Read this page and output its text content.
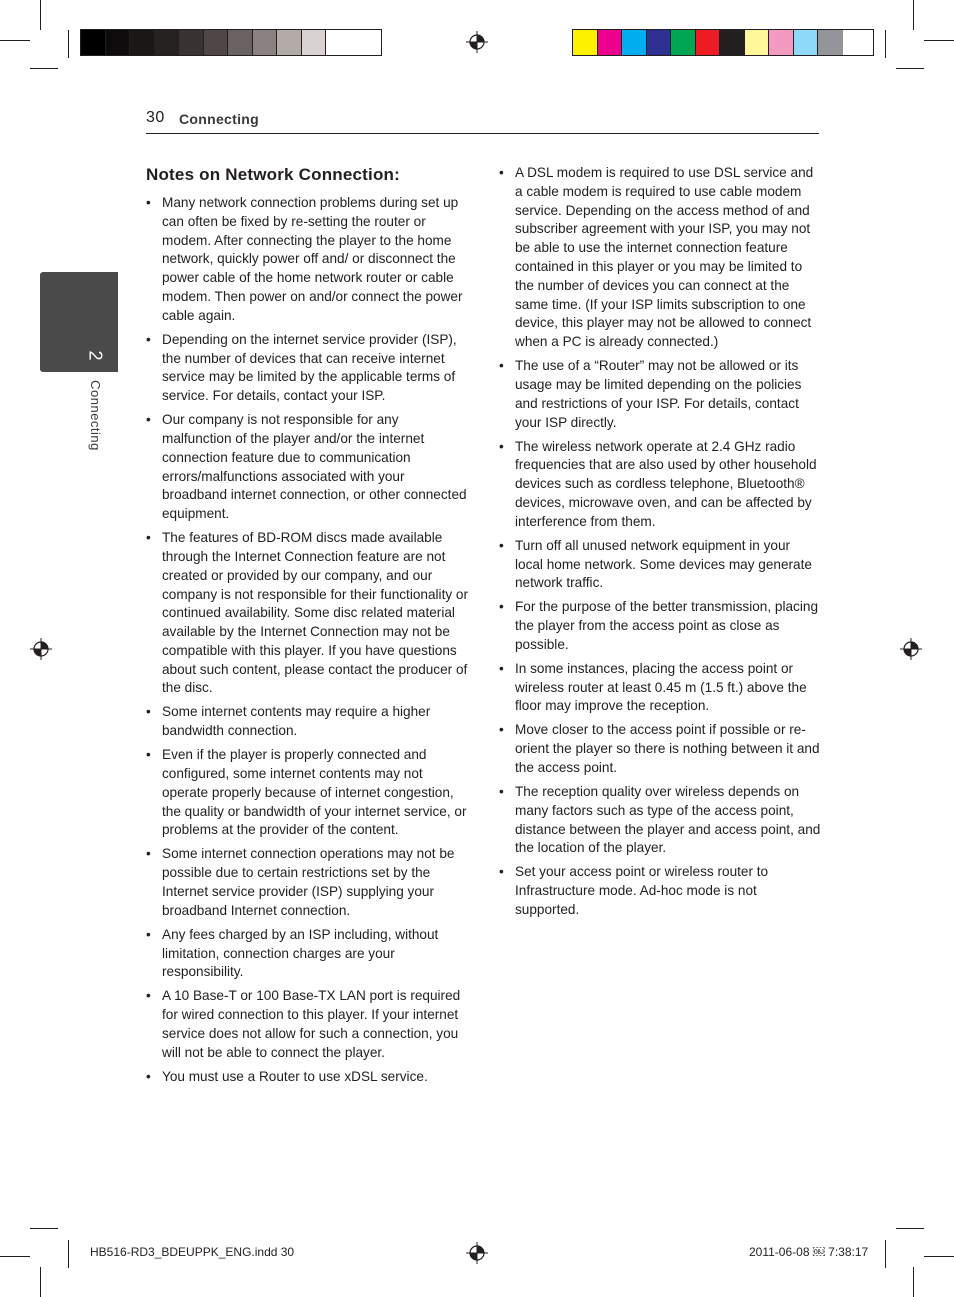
30 Connecting
2
Connecting
Notes on Network Connection:
• Many network connection problems during set up can often be fixed by re-setting the router or modem. After connecting the player to the home network, quickly power off and/ or disconnect the power cable of the home network router or cable modem. Then power on and/or connect the power cable again.
• Depending on the internet service provider (ISP), the number of devices that can receive internet service may be limited by the applicable terms of service. For details, contact your ISP.
• Our company is not responsible for any malfunction of the player and/or the internet connection feature due to communication errors/malfunctions associated with your broadband internet connection, or other connected equipment.
• The features of BD-ROM discs made available through the Internet Connection feature are not created or provided by our company, and our company is not responsible for their functionality or continued availability. Some disc related material available by the Internet Connection may not be compatible with this player. If you have questions about such content, please contact the producer of the disc.
• Some internet contents may require a higher bandwidth connection.
• Even if the player is properly connected and configured, some internet contents may not operate properly because of internet congestion, the quality or bandwidth of your internet service, or problems at the provider of the content.
• Some internet connection operations may not be possible due to certain restrictions set by the Internet service provider (ISP) supplying your broadband Internet connection.
• Any fees charged by an ISP including, without limitation, connection charges are your responsibility.
• A 10 Base-T or 100 Base-TX LAN port is required for wired connection to this player. If your internet service does not allow for such a connection, you will not be able to connect the player.
• You must use a Router to use xDSL service.
• A DSL modem is required to use DSL service and a cable modem is required to use cable modem service. Depending on the access method of and subscriber agreement with your ISP, you may not be able to use the internet connection feature contained in this player or you may be limited to the number of devices you can connect at the same time. (If your ISP limits subscription to one device, this player may not be allowed to connect when a PC is already connected.)
• The use of a “Router” may not be allowed or its usage may be limited depending on the policies and restrictions of your ISP. For details, contact your ISP directly.
• The wireless network operate at 2.4 GHz radio frequencies that are also used by other household devices such as cordless telephone, Bluetooth® devices, microwave oven, and can be affected by interference from them.
• Turn off all unused network equipment in your local home network. Some devices may generate network traffic.
• For the purpose of the better transmission, placing the player from the access point as close as possible.
• In some instances, placing the access point or wireless router at least 0.45 m (1.5 ft.) above the floor may improve the reception.
• Move closer to the access point if possible or re-orient the player so there is nothing between it and the access point.
• The reception quality over wireless depends on many factors such as type of the access point, distance between the player and access point, and the location of the player.
• Set your access point or wireless router to Infrastructure mode. Ad-hoc mode is not supported.
HB516-RD3_BDEUPPK_ENG.indd 30	2011-06-08 ￼ 7:38:17
